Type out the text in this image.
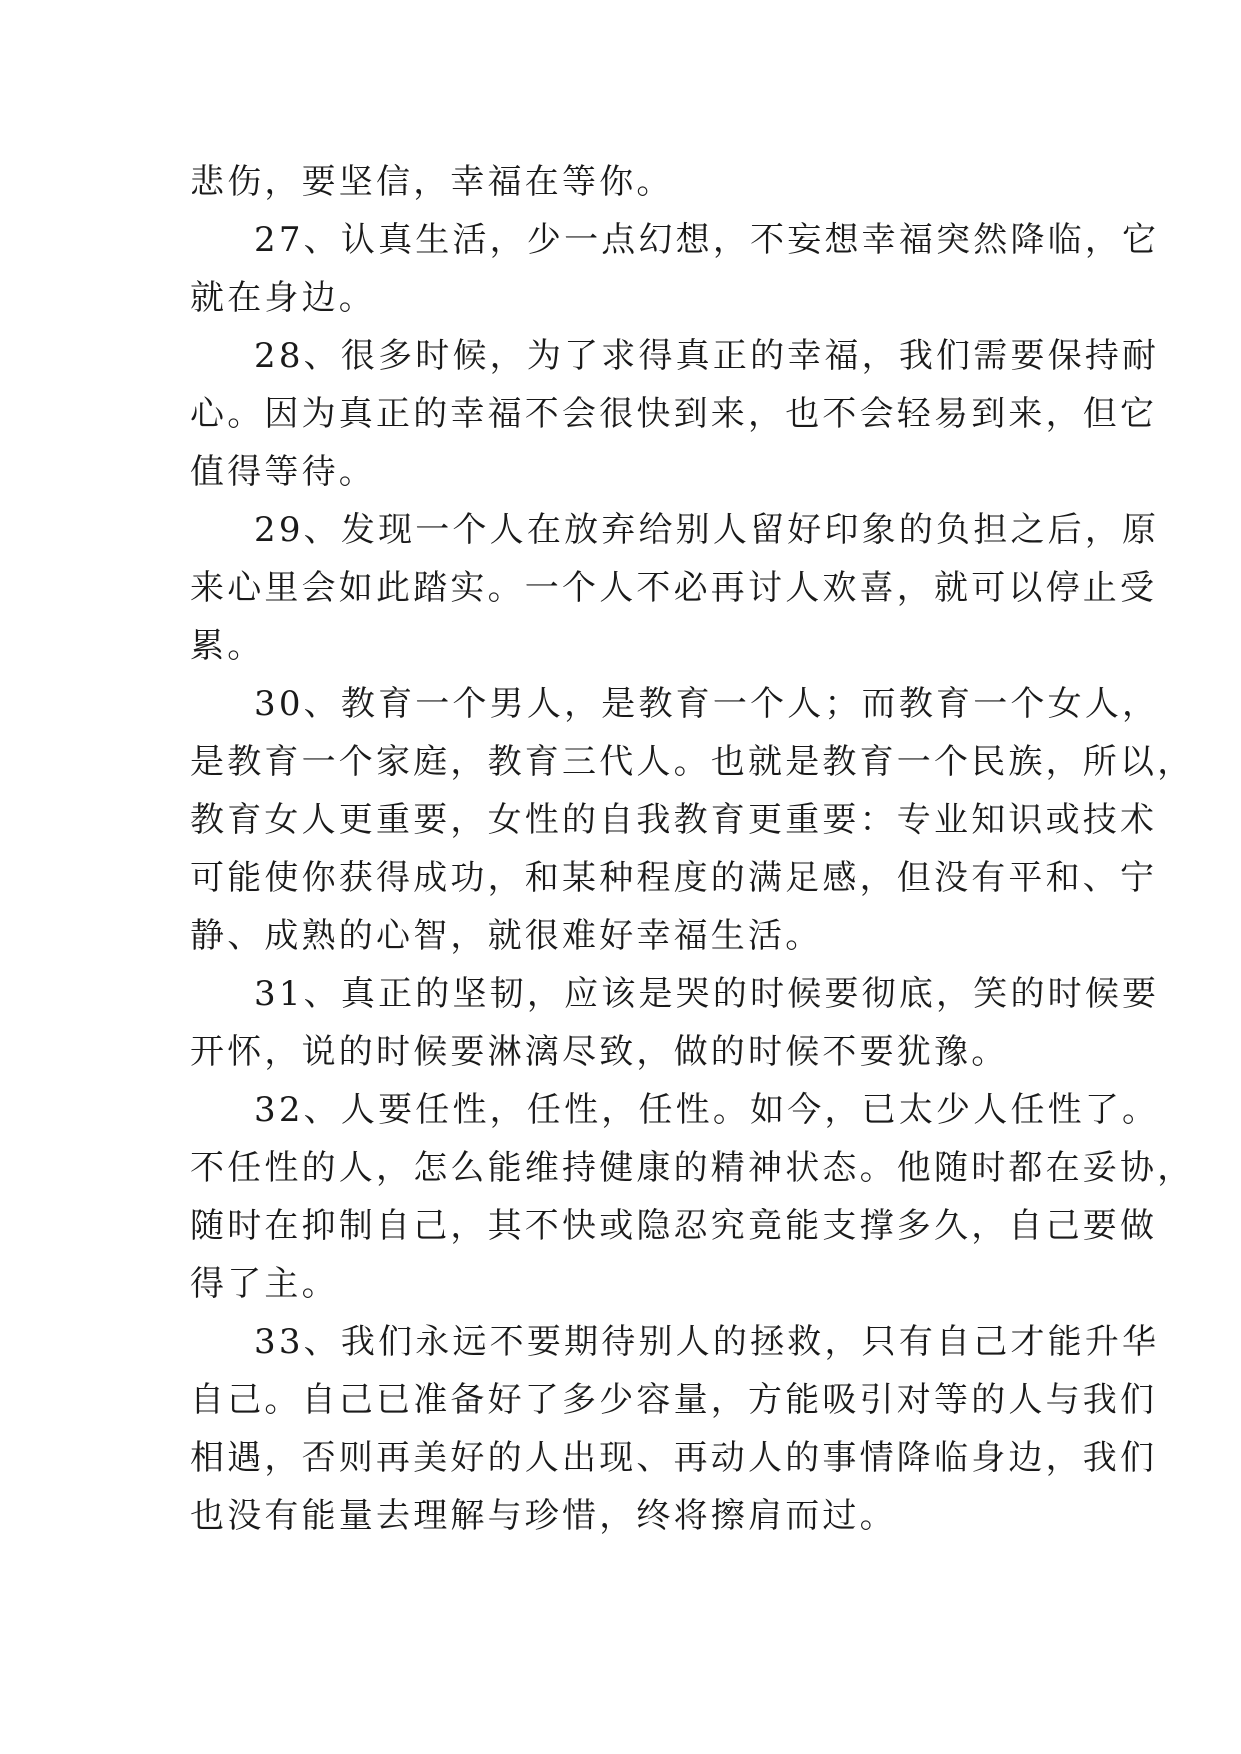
悲伤，要坚信，幸福在等你。

27、认真生活，少一点幻想，不妄想幸福突然降临，它

就在身边。

28、很多时候，为了求得真正的幸福，我们需要保持耐

心。因为真正的幸福不会很快到来，也不会轻易到来，但它

值得等待。

29、发现一个人在放弃给别人留好印象的负担之后，原

来心里会如此踏实。一个人不必再讨人欢喜，就可以停止受

累。

30、教育一个男人，是教育一个人；而教育一个女人，

是教育一个家庭，教育三代人。也就是教育一个民族，所以，

教育女人更重要，女性的自我教育更重要：专业知识或技术

可能使你获得成功，和某种程度的满足感，但没有平和、宁

静、成熟的心智，就很难好幸福生活。

31、真正的坚韧，应该是哭的时候要彻底，笑的时候要

开怀，说的时候要淋漓尽致，做的时候不要犹豫。

32、人要任性，任性，任性。如今，已太少人任性了。

不任性的人，怎么能维持健康的精神状态。他随时都在妥协，

随时在抑制自己，其不快或隐忍究竟能支撑多久，自己要做

得了主。

33、我们永远不要期待别人的拯救，只有自己才能升华

自己。自己已准备好了多少容量，方能吸引对等的人与我们

相遇，否则再美好的人出现、再动人的事情降临身边，我们

也没有能量去理解与珍惜，终将擦肩而过。
